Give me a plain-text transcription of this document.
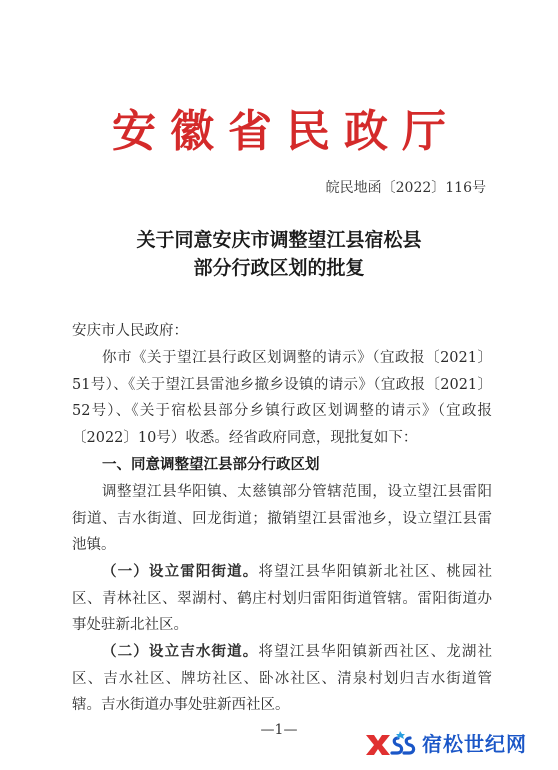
安徽省民政厅
皖民地函〔2022〕116号
关于同意安庆市调整望江县宿松县
部分行政区划的批复
安庆市人民政府：
你市《关于望江县行政区划调整的请示》（宜政报〔2021〕51号）、《关于望江县雷池乡撤乡设镇的请示》（宜政报〔2021〕52号）、《关于宿松县部分乡镇行政区划调整的请示》（宜政报〔2022〕10号）收悉。经省政府同意，现批复如下：
一、同意调整望江县部分行政区划
调整望江县华阳镇、太慈镇部分管辖范围，设立望江县雷阳街道、吉水街道、回龙街道；撤销望江县雷池乡，设立望江县雷池镇。
（一）设立雷阳街道。将望江县华阳镇新北社区、桃园社区、青林社区、翠湖村、鹤庄村划归雷阳街道管辖。雷阳街道办事处驻新北社区。
（二）设立吉水街道。将望江县华阳镇新西社区、龙湖社区、吉水社区、牌坊社区、卧冰社区、清泉村划归吉水街道管辖。吉水街道办事处驻新西社区。
—1—
宿松世纪网
